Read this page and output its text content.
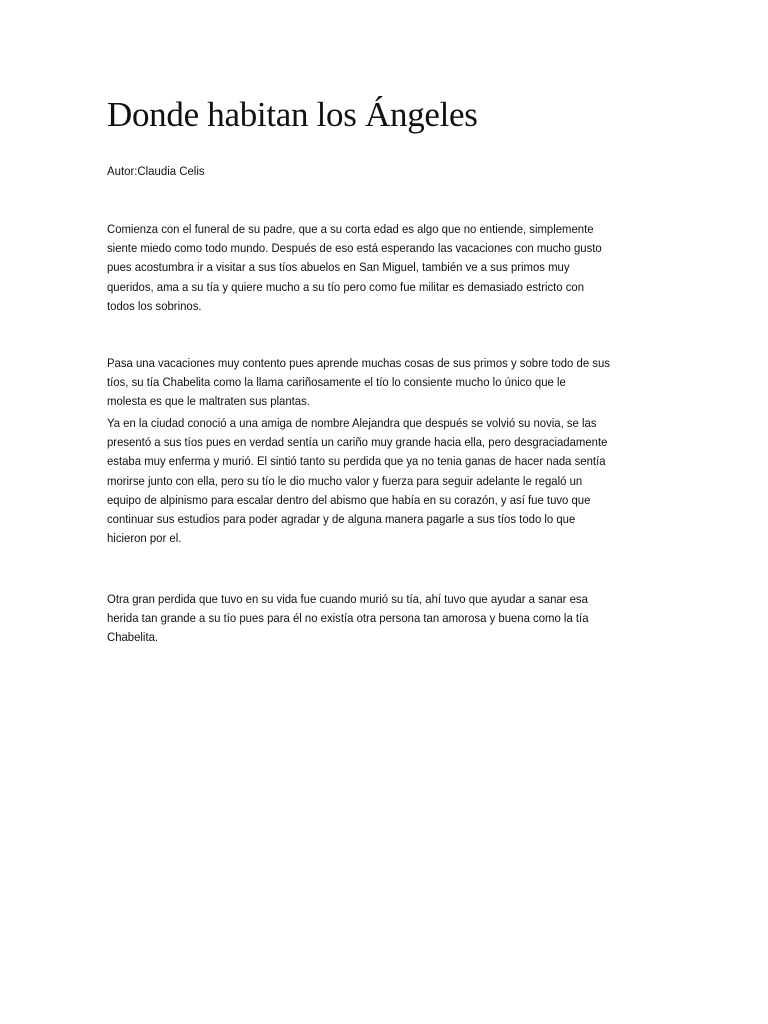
Donde habitan los Ángeles

Autor:Claudia Celis

Comienza con el funeral de su padre, que a su corta edad es algo que no entiende, simplemente
siente miedo como todo mundo. Después de eso está esperando las vacaciones con mucho gusto
pues acostumbra ir a visitar a sus tíos abuelos en San Miguel, también ve a sus primos muy
queridos, ama a su tía y quiere mucho a su tío pero como fue militar es demasiado estricto con
todos los sobrinos.

Pasa una vacaciones muy contento pues aprende muchas cosas de sus primos y sobre todo de sus
tíos, su tía Chabelita como la llama cariñosamente el tío lo consiente mucho lo único que le
molesta es que le maltraten sus plantas.

Ya en la ciudad conoció a una amiga de nombre Alejandra que después se volvió su novia, se las
presentó a sus tíos pues en verdad sentía un cariño muy grande hacia ella, pero desgraciadamente
estaba muy enferma y murió. El sintió tanto su perdida que ya no tenia ganas de hacer nada sentía
morirse junto con ella, pero su tío le dio mucho valor y fuerza para seguir adelante le regaló un
equipo de alpinismo para escalar dentro del abismo que había en su corazón, y así fue tuvo que
continuar sus estudios para poder agradar y de alguna manera pagarle a sus tíos todo lo que
hicieron por el.

Otra gran perdida que tuvo en su vida fue cuando murió su tía, ahí tuvo que ayudar a sanar esa
herida tan grande a su tío pues para él no existía otra persona tan amorosa y buena como la tía
Chabelita.
